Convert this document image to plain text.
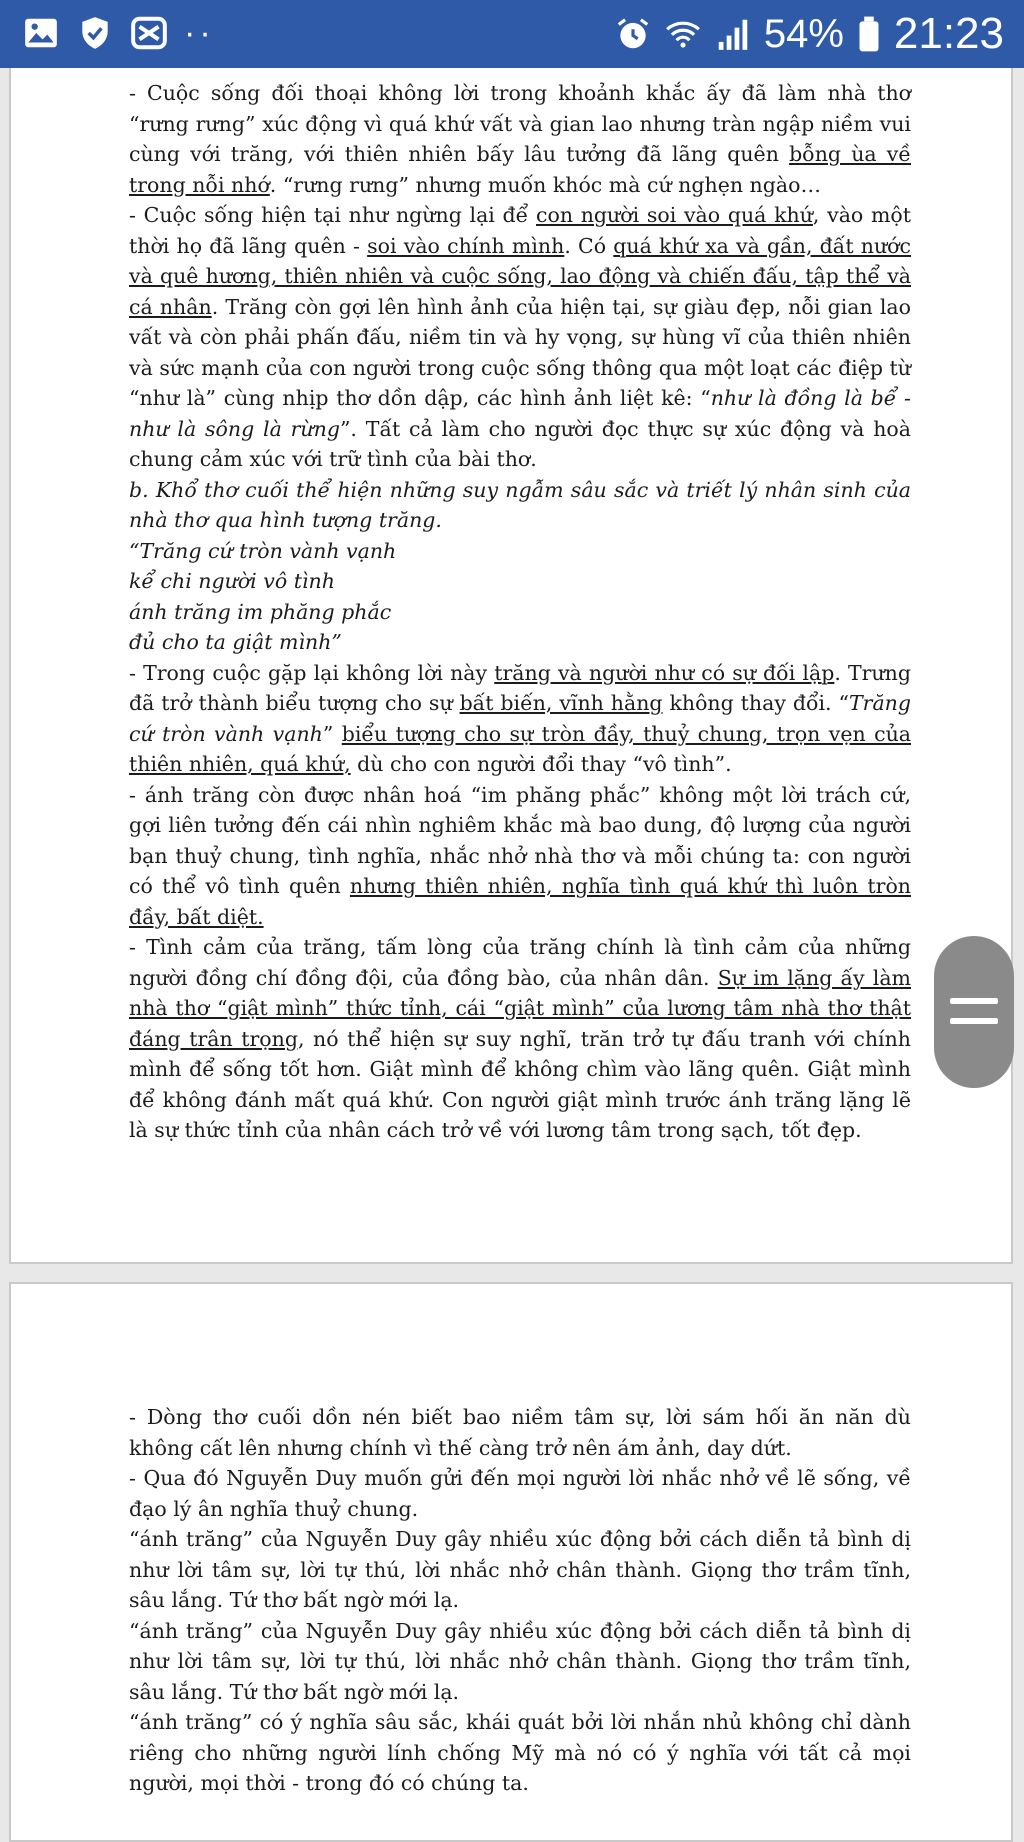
··	54% 21:23

- Cuộc sống đối thoại không lời trong khoảnh khắc ấy đã làm nhà thơ “rưng rưng” xúc động vì quá khứ vất và gian lao nhưng tràn ngập niềm vui cùng với trăng, với thiên nhiên bấy lâu tưởng đã lãng quên bỗng ùa về trong nỗi nhớ. “rưng rưng” nhưng muốn khóc mà cứ nghẹn ngào…

- Cuộc sống hiện tại như ngừng lại để con người soi vào quá khứ, vào một thời họ đã lãng quên - soi vào chính mình. Có quá khứ xa và gần, đất nước và quê hương, thiên nhiên và cuộc sống, lao động và chiến đấu, tập thể và cá nhân. Trăng còn gợi lên hình ảnh của hiện tại, sự giàu đẹp, nỗi gian lao vất và còn phải phấn đấu, niềm tin và hy vọng, sự hùng vĩ của thiên nhiên và sức mạnh của con người trong cuộc sống thông qua một loạt các điệp từ “như là” cùng nhịp thơ dồn dập, các hình ảnh liệt kê: “như là đồng là bể - như là sông là rừng”. Tất cả làm cho người đọc thực sự xúc động và hoà chung cảm xúc với trữ tình của bài thơ.

b. Khổ thơ cuối thể hiện những suy ngẫm sâu sắc và triết lý nhân sinh của nhà thơ qua hình tượng trăng.

“Trăng cứ tròn vành vạnh

kể chi người vô tình

ánh trăng im phăng phắc

đủ cho ta giật mình”

- Trong cuộc gặp lại không lời này trăng và người như có sự đối lập. Trưng đã trở thành biểu tượng cho sự bất biến, vĩnh hằng không thay đổi. “Trăng cứ tròn vành vạnh” biểu tượng cho sự tròn đầy, thuỷ chung, trọn vẹn của thiên nhiên, quá khứ, dù cho con người đổi thay “vô tình”.

- ánh trăng còn được nhân hoá “im phăng phắc” không một lời trách cứ, gợi liên tưởng đến cái nhìn nghiêm khắc mà bao dung, độ lượng của người bạn thuỷ chung, tình nghĩa, nhắc nhở nhà thơ và mỗi chúng ta: con người có thể vô tình quên nhưng thiên nhiên, nghĩa tình quá khứ thì luôn tròn đầy, bất diệt.

- Tình cảm của trăng, tấm lòng của trăng chính là tình cảm của những người đồng chí đồng đội, của đồng bào, của nhân dân. Sự im lặng ấy làm nhà thơ “giật mình” thức tỉnh, cái “giật mình” của lương tâm nhà thơ thật đáng trân trọng, nó thể hiện sự suy nghĩ, trăn trở tự đấu tranh với chính mình để sống tốt hơn. Giật mình để không chìm vào lãng quên. Giật mình để không đánh mất quá khứ. Con người giật mình trước ánh trăng lặng lẽ là sự thức tỉnh của nhân cách trở về với lương tâm trong sạch, tốt đẹp.

- Dòng thơ cuối dồn nén biết bao niềm tâm sự, lời sám hối ăn năn dù không cất lên nhưng chính vì thế càng trở nên ám ảnh, day dứt.

- Qua đó Nguyễn Duy muốn gửi đến mọi người lời nhắc nhở về lẽ sống, về đạo lý ân nghĩa thuỷ chung.

“ánh trăng” của Nguyễn Duy gây nhiều xúc động bởi cách diễn tả bình dị như lời tâm sự, lời tự thú, lời nhắc nhở chân thành. Giọng thơ trầm tĩnh, sâu lắng. Tứ thơ bất ngờ mới lạ.

“ánh trăng” của Nguyễn Duy gây nhiều xúc động bởi cách diễn tả bình dị như lời tâm sự, lời tự thú, lời nhắc nhở chân thành. Giọng thơ trầm tĩnh, sâu lắng. Tứ thơ bất ngờ mới lạ.

“ánh trăng” có ý nghĩa sâu sắc, khái quát bởi lời nhắn nhủ không chỉ dành riêng cho những người lính chống Mỹ mà nó có ý nghĩa với tất cả mọi người, mọi thời - trong đó có chúng ta.
